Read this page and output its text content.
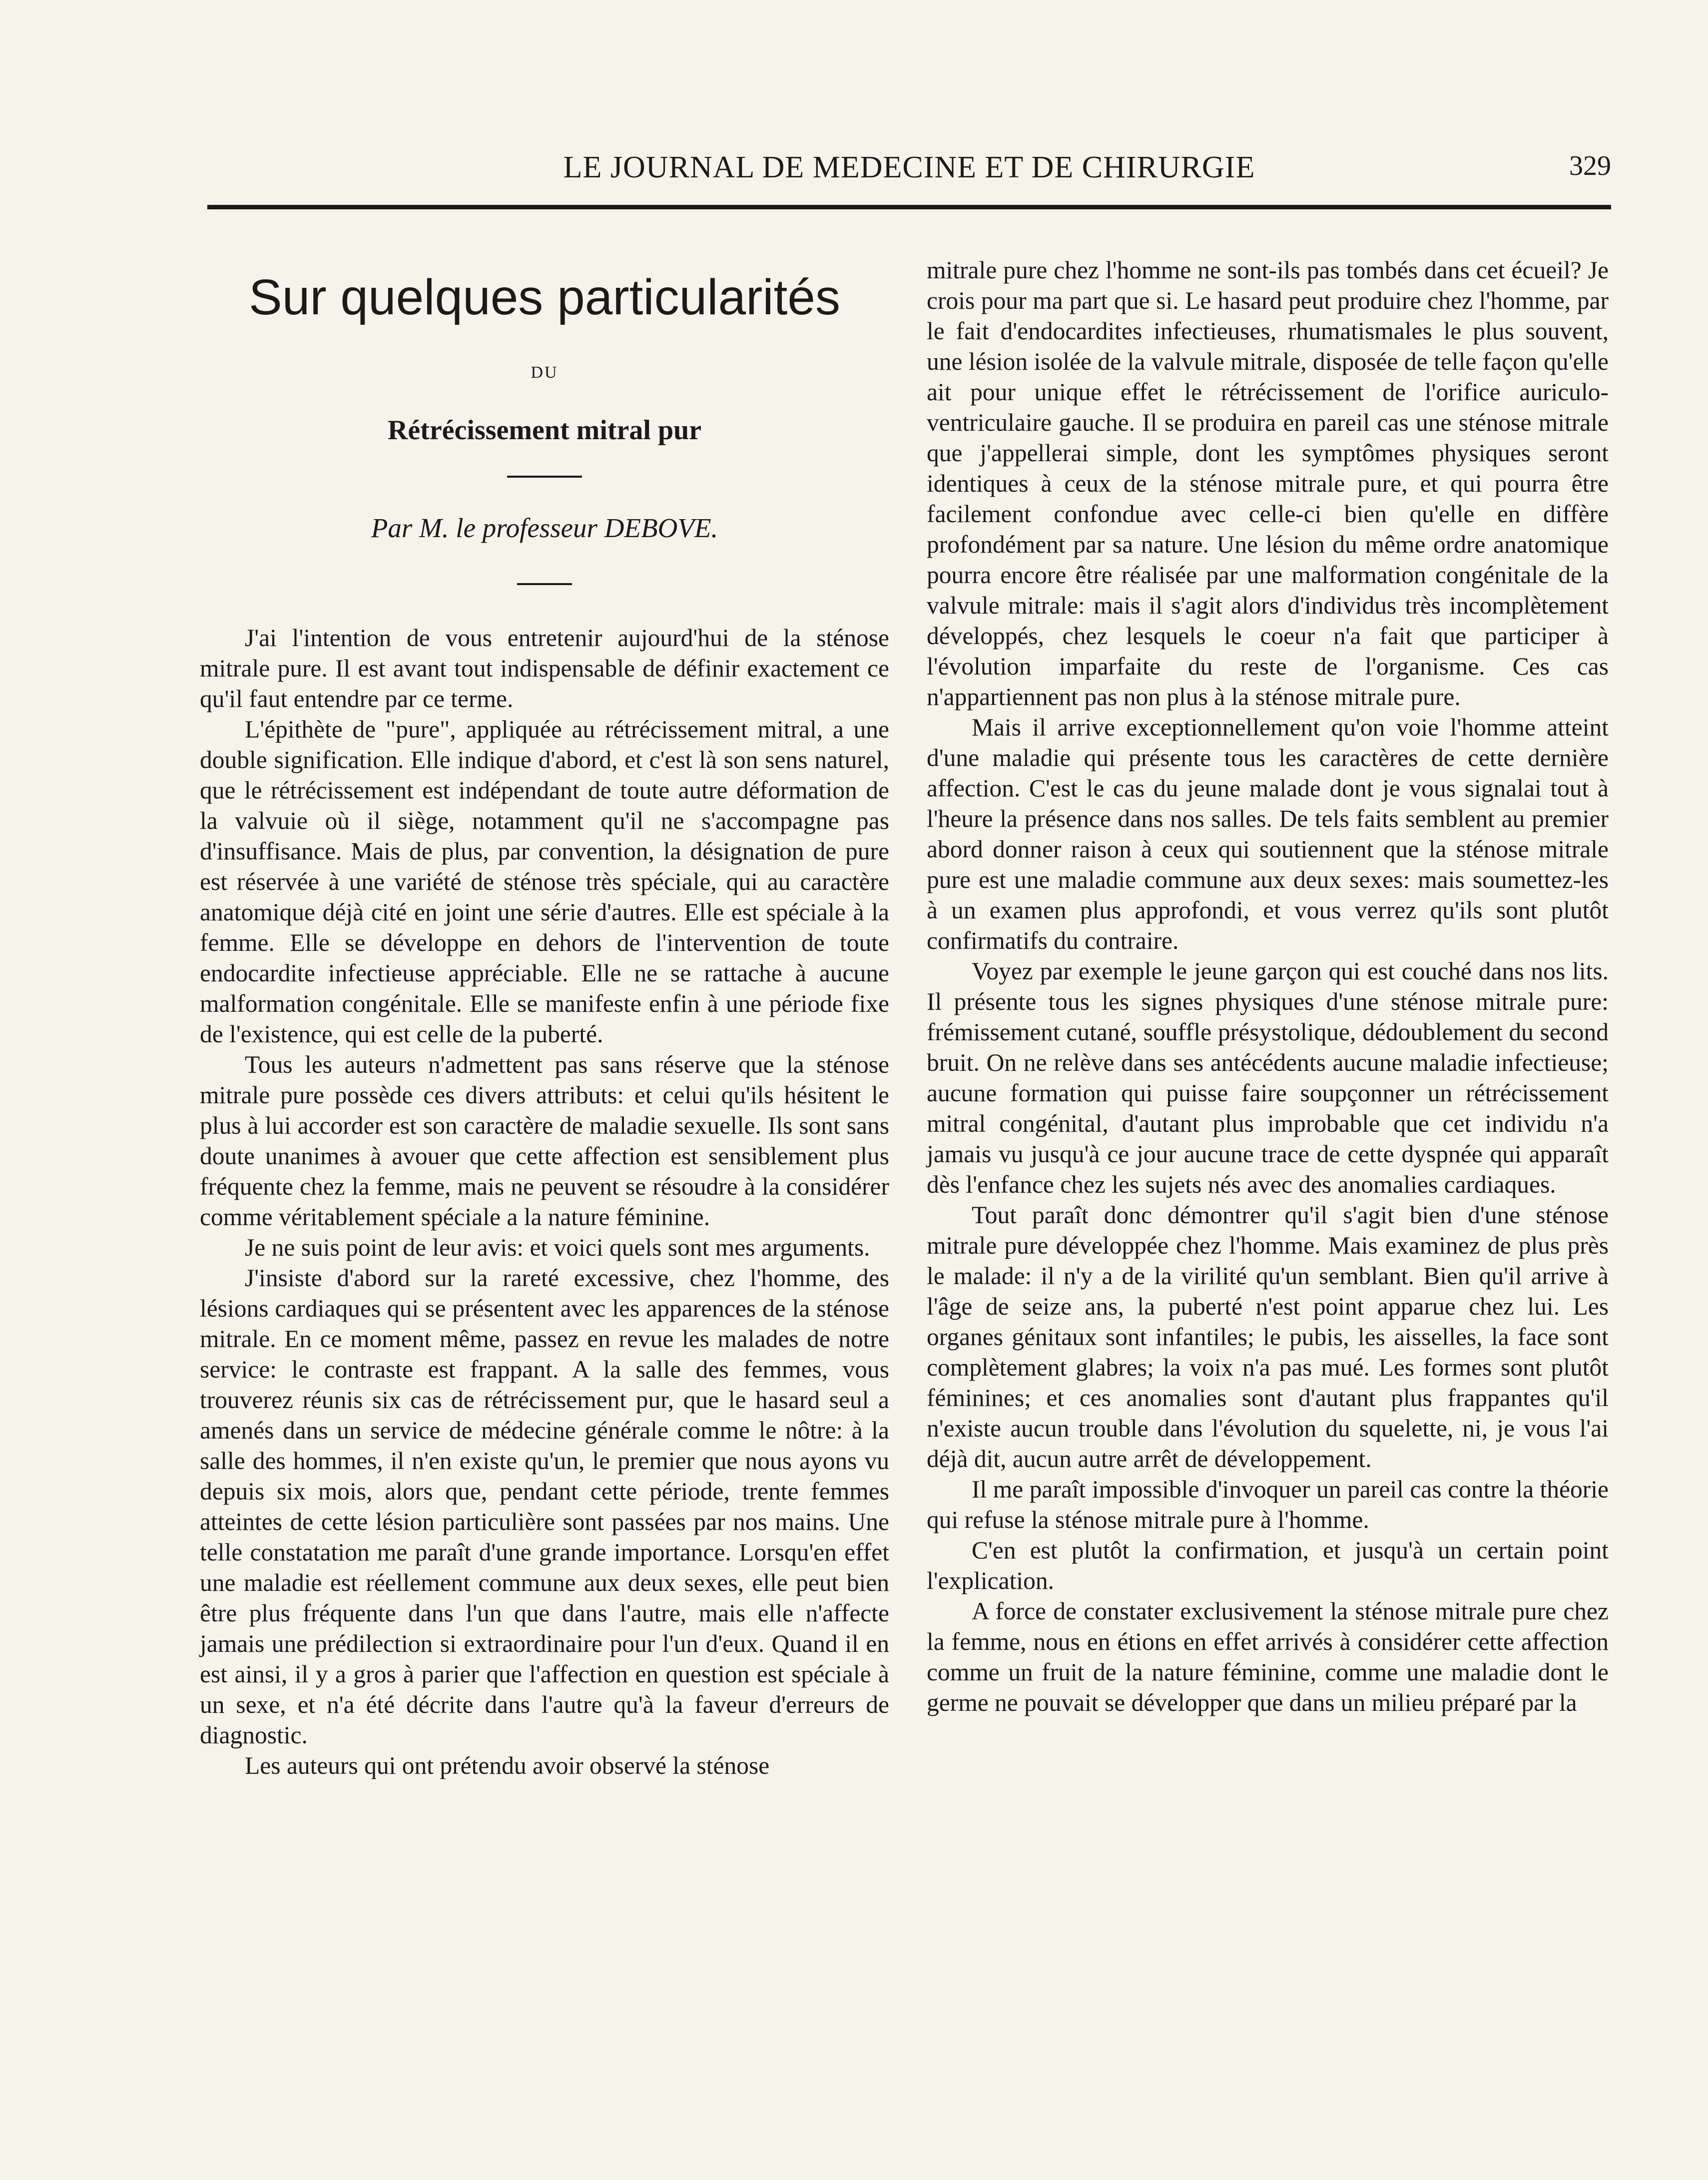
LE JOURNAL DE MEDECINE ET DE CHIRURGIE	329
Sur quelques particularités
DU
Rétrécissement mitral pur
Par M. le professeur DEBOVE.

J'ai l'intention de vous entretenir aujourd'hui de la sténose mitrale pure. Il est avant tout indispensable de définir exactement ce qu'il faut entendre par ce terme.

L'épithète de "pure", appliquée au rétrécissement mitral, a une double signification. Elle indique d'abord, et c'est là son sens naturel, que le rétrécissement est indépendant de toute autre déformation de la valvuie où il siège, notamment qu'il ne s'accompagne pas d'insuffisance. Mais de plus, par convention, la désignation de pure est réservée à une variété de sténose très spéciale, qui au caractère anatomique déjà cité en joint une série d'autres. Elle est spéciale à la femme. Elle se développe en dehors de l'intervention de toute endocardite infectieuse appréciable. Elle ne se rattache à aucune malformation congénitale. Elle se manifeste enfin à une période fixe de l'existence, qui est celle de la puberté.

Tous les auteurs n'admettent pas sans réserve que la sténose mitrale pure possède ces divers attributs: et celui qu'ils hésitent le plus à lui accorder est son caractère de maladie sexuelle. Ils sont sans doute unanimes à avouer que cette affection est sensiblement plus fréquente chez la femme, mais ne peuvent se résoudre à la considérer comme véritablement spéciale a la nature féminine.

Je ne suis point de leur avis: et voici quels sont mes arguments.

J'insiste d'abord sur la rareté excessive, chez l'homme, des lésions cardiaques qui se présentent avec les apparences de la sténose mitrale. En ce moment même, passez en revue les malades de notre service: le contraste est frappant. A la salle des femmes, vous trouverez réunis six cas de rétrécissement pur, que le hasard seul a amenés dans un service de médecine générale comme le nôtre: à la salle des hommes, il n'en existe qu'un, le premier que nous ayons vu depuis six mois, alors que, pendant cette période, trente femmes atteintes de cette lésion particulière sont passées par nos mains. Une telle constatation me paraît d'une grande importance. Lorsqu'en effet une maladie est réellement commune aux deux sexes, elle peut bien être plus fréquente dans l'un que dans l'autre, mais elle n'affecte jamais une prédilection si extraordinaire pour l'un d'eux. Quand il en est ainsi, il y a gros à parier que l'affection en question est spéciale à un sexe, et n'a été décrite dans l'autre qu'à la faveur d'erreurs de diagnostic.

Les auteurs qui ont prétendu avoir observé la sténose

mitrale pure chez l'homme ne sont-ils pas tombés dans cet écueil? Je crois pour ma part que si. Le hasard peut produire chez l'homme, par le fait d'endocardites infectieuses, rhumatismales le plus souvent, une lésion isolée de la valvule mitrale, disposée de telle façon qu'elle ait pour unique effet le rétrécissement de l'orifice auriculo-ventriculaire gauche. Il se produira en pareil cas une sténose mitrale que j'appellerai simple, dont les symptômes physiques seront identiques à ceux de la sténose mitrale pure, et qui pourra être facilement confondue avec celle-ci bien qu'elle en diffère profondément par sa nature. Une lésion du même ordre anatomique pourra encore être réalisée par une malformation congénitale de la valvule mitrale: mais il s'agit alors d'individus très incomplètement développés, chez lesquels le coeur n'a fait que participer à l'évolution imparfaite du reste de l'organisme. Ces cas n'appartiennent pas non plus à la sténose mitrale pure.

Mais il arrive exceptionnellement qu'on voie l'homme atteint d'une maladie qui présente tous les caractères de cette dernière affection. C'est le cas du jeune malade dont je vous signalai tout à l'heure la présence dans nos salles. De tels faits semblent au premier abord donner raison à ceux qui soutiennent que la sténose mitrale pure est une maladie commune aux deux sexes: mais soumettez-les à un examen plus approfondi, et vous verrez qu'ils sont plutôt confirmatifs du contraire.

Voyez par exemple le jeune garçon qui est couché dans nos lits. Il présente tous les signes physiques d'une sténose mitrale pure: frémissement cutané, souffle présystolique, dédoublement du second bruit. On ne relève dans ses antécédents aucune maladie infectieuse; aucune formation qui puisse faire soupçonner un rétrécissement mitral congénital, d'autant plus improbable que cet individu n'a jamais vu jusqu'à ce jour aucune trace de cette dyspnée qui apparaît dès l'enfance chez les sujets nés avec des anomalies cardiaques.

Tout paraît donc démontrer qu'il s'agit bien d'une sténose mitrale pure développée chez l'homme. Mais examinez de plus près le malade: il n'y a de la virilité qu'un semblant. Bien qu'il arrive à l'âge de seize ans, la puberté n'est point apparue chez lui. Les organes génitaux sont infantiles; le pubis, les aisselles, la face sont complètement glabres; la voix n'a pas mué. Les formes sont plutôt féminines; et ces anomalies sont d'autant plus frappantes qu'il n'existe aucun trouble dans l'évolution du squelette, ni, je vous l'ai déjà dit, aucun autre arrêt de développement.

Il me paraît impossible d'invoquer un pareil cas contre la théorie qui refuse la sténose mitrale pure à l'homme.

C'en est plutôt la confirmation, et jusqu'à un certain point l'explication.

A force de constater exclusivement la sténose mitrale pure chez la femme, nous en étions en effet arrivés à considérer cette affection comme un fruit de la nature féminine, comme une maladie dont le germe ne pouvait se développer que dans un milieu préparé par la
